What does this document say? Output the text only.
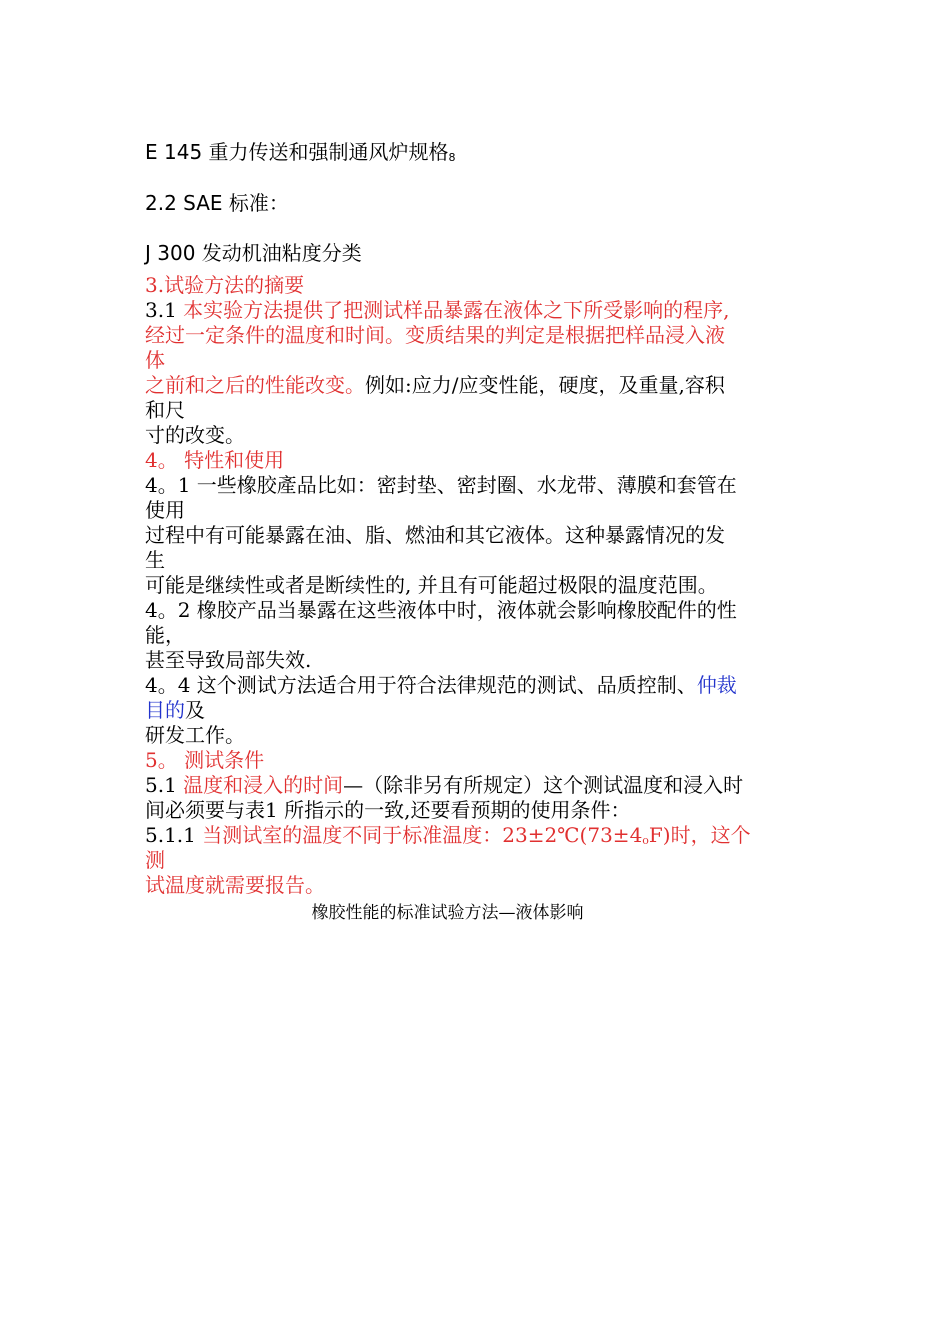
E 145 重力传送和强制通风炉规格$_8$
2.2 SAE 标准：
J 300 发动机油粘度分类
3.试验方法的摘要
3.1 本实验方法提供了把测试样品暴露在液体之下所受影响的程序,
经过一定条件的温度和时间。变质结果的判定是根据把样品浸入液
体
之前和之后的性能改变。例如:应力/应变性能，硬度，及重量,容积
和尺
寸的改变。
4。 特性和使用
4。1 一些橡胶產品比如：密封垫、密封圈、水龙带、薄膜和套管在
使用
过程中有可能暴露在油、脂、燃油和其它液体。这种暴露情况的发
生
可能是继续性或者是断续性的, 并且有可能超过极限的温度范围。
4。2 橡胶产品当暴露在这些液体中时，液体就会影响橡胶配件的性
能，
甚至导致局部失效.
4。4 这个测试方法适合用于符合法律规范的测试、品质控制、仲裁
目的及
研发工作。
5。 测试条件
5.1 温度和浸入的时间—（除非另有所规定）这个测试温度和浸入时
间必须要与表1 所指示的一致,还要看预期的使用条件：
5.1.1 当测试室的温度不同于标准温度：$23\pm 2℃(73\pm 4_oF)$时，这个
测
试温度就需要报告。
橡胶性能的标准试验方法—液体影响
